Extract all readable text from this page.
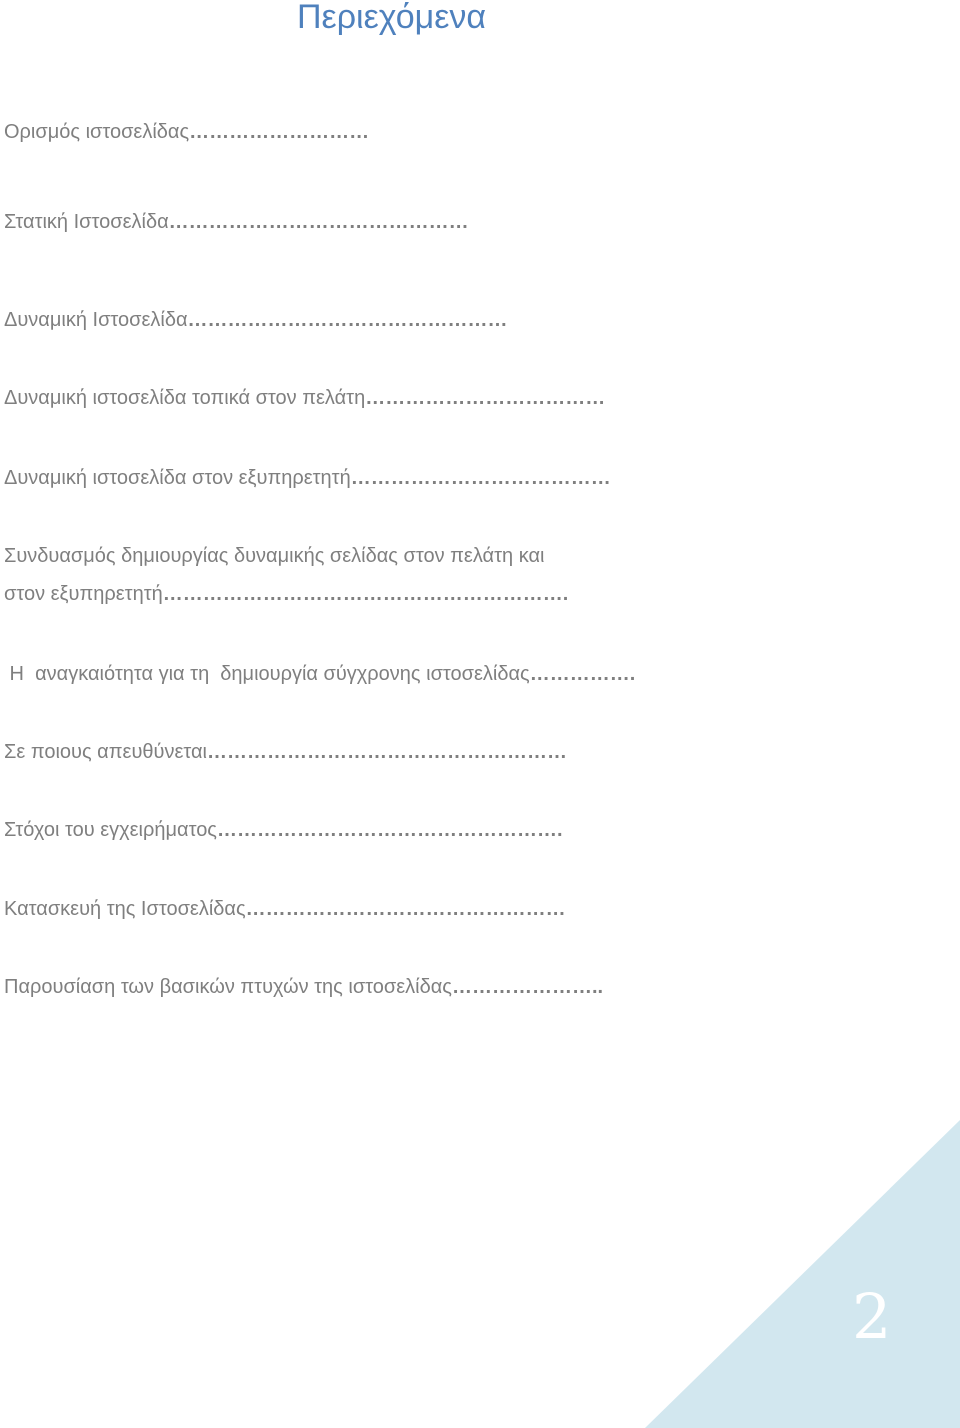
Περιεχόμενα
Ορισμός ιστοσελίδας………………………
Στατική Ιστοσελίδα………………………………………
Δυναμική Ιστοσελίδα…………………………………………
Δυναμική ιστοσελίδα τοπικά στον πελάτη………………………………
Δυναμική ιστοσελίδα στον εξυπηρετητή…………………………………
Συνδυασμός δημιουργίας δυναμικής σελίδας στον πελάτη και
στον εξυπηρετητή…………………………………………………….
Η  αναγκαιότητα για τη  δημιουργία σύγχρονης ιστοσελίδας…………….
Σε ποιους απευθύνεται………………………………………………
Στόχοι του εγχειρήματος…………………………………………….
Κατασκευή της Ιστοσελίδας…………………………………………
Παρουσίαση των βασικών πτυχών της ιστοσελίδας…………………..
2
